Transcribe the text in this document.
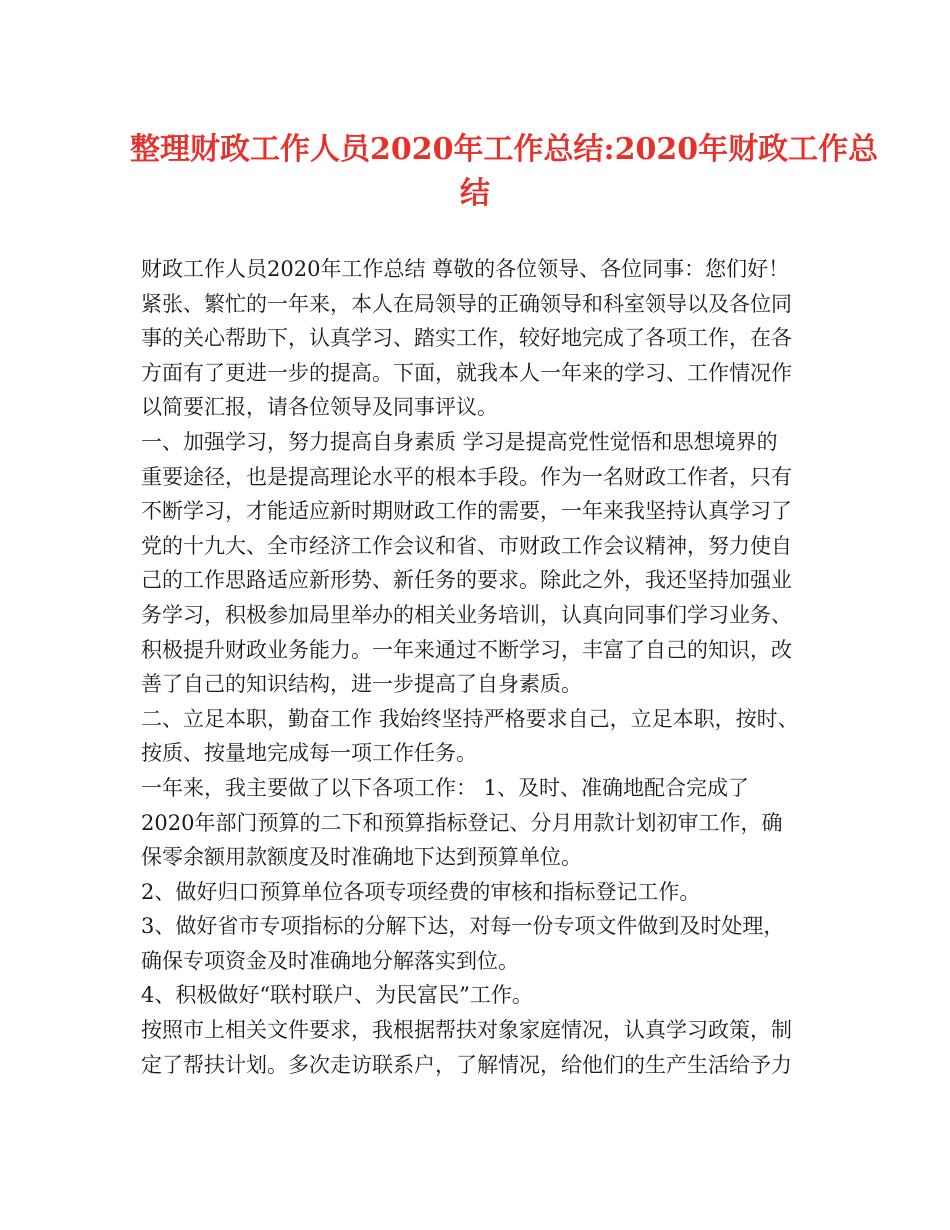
整理财政工作人员2020年工作总结:2020年财政工作总
结
财政工作人员2020年工作总结 尊敬的各位领导、各位同事：您们好！
紧张、繁忙的一年来，本人在局领导的正确领导和科室领导以及各位同
事的关心帮助下，认真学习、踏实工作，较好地完成了各项工作，在各
方面有了更进一步的提高。下面，就我本人一年来的学习、工作情况作
以简要汇报，请各位领导及同事评议。
一、加强学习，努力提高自身素质 学习是提高党性觉悟和思想境界的
重要途径，也是提高理论水平的根本手段。作为一名财政工作者，只有
不断学习，才能适应新时期财政工作的需要，一年来我坚持认真学习了
党的十九大、全市经济工作会议和省、市财政工作会议精神，努力使自
己的工作思路适应新形势、新任务的要求。除此之外，我还坚持加强业
务学习，积极参加局里举办的相关业务培训，认真向同事们学习业务、
积极提升财政业务能力。一年来通过不断学习，丰富了自己的知识，改
善了自己的知识结构，进一步提高了自身素质。
二、立足本职，勤奋工作 我始终坚持严格要求自己，立足本职，按时、
按质、按量地完成每一项工作任务。
一年来，我主要做了以下各项工作： 1、及时、准确地配合完成了
2020年部门预算的二下和预算指标登记、分月用款计划初审工作，确
保零余额用款额度及时准确地下达到预算单位。
2、做好归口预算单位各项专项经费的审核和指标登记工作。
3、做好省市专项指标的分解下达，对每一份专项文件做到及时处理，
确保专项资金及时准确地分解落实到位。
4、积极做好“联村联户、为民富民”工作。
按照市上相关文件要求，我根据帮扶对象家庭情况，认真学习政策，制
定了帮扶计划。多次走访联系户，了解情况，给他们的生产生活给予力
